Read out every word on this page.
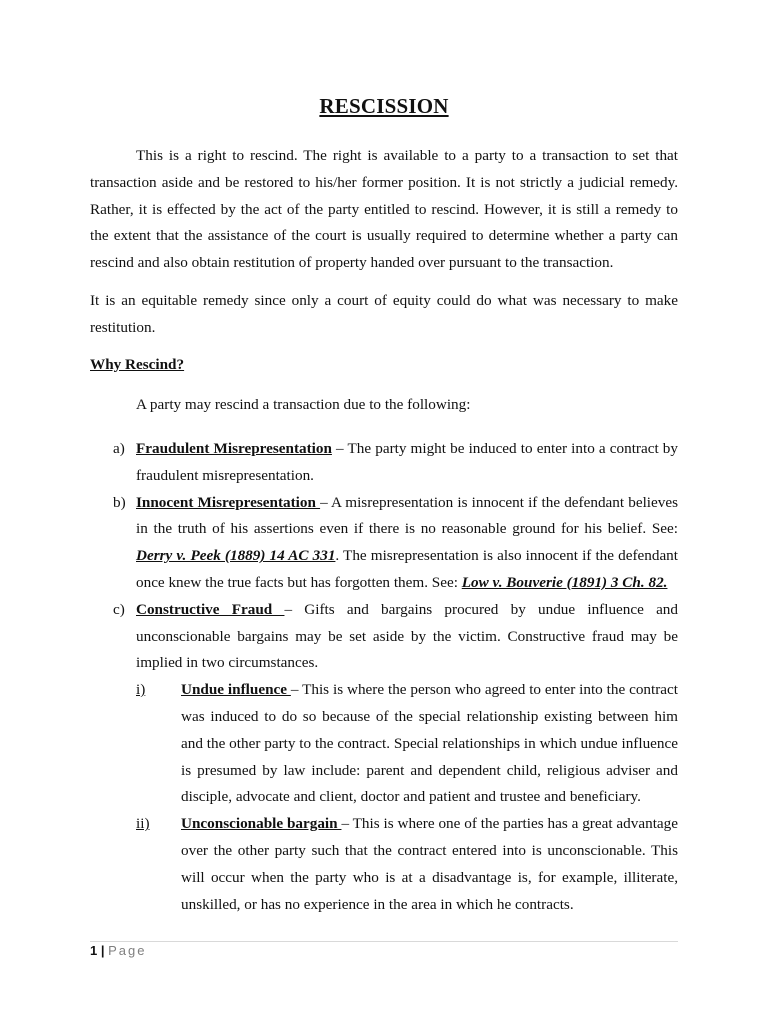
RESCISSION
This is a right to rescind. The right is available to a party to a transaction to set that transaction aside and be restored to his/her former position. It is not strictly a judicial remedy. Rather, it is effected by the act of the party entitled to rescind. However, it is still a remedy to the extent that the assistance of the court is usually required to determine whether a party can rescind and also obtain restitution of property handed over pursuant to the transaction.
It is an equitable remedy since only a court of equity could do what was necessary to make restitution.
Why Rescind?
A party may rescind a transaction due to the following:
a) Fraudulent Misrepresentation – The party might be induced to enter into a contract by fraudulent misrepresentation.
b) Innocent Misrepresentation – A misrepresentation is innocent if the defendant believes in the truth of his assertions even if there is no reasonable ground for his belief. See: Derry v. Peek (1889) 14 AC 331. The misrepresentation is also innocent if the defendant once knew the true facts but has forgotten them. See: Low v. Bouverie (1891) 3 Ch. 82.
c) Constructive Fraud – Gifts and bargains procured by undue influence and unconscionable bargains may be set aside by the victim. Constructive fraud may be implied in two circumstances.
i) Undue influence – This is where the person who agreed to enter into the contract was induced to do so because of the special relationship existing between him and the other party to the contract. Special relationships in which undue influence is presumed by law include: parent and dependent child, religious adviser and disciple, advocate and client, doctor and patient and trustee and beneficiary.
ii) Unconscionable bargain – This is where one of the parties has a great advantage over the other party such that the contract entered into is unconscionable. This will occur when the party who is at a disadvantage is, for example, illiterate, unskilled, or has no experience in the area in which he contracts.
1 | Page
